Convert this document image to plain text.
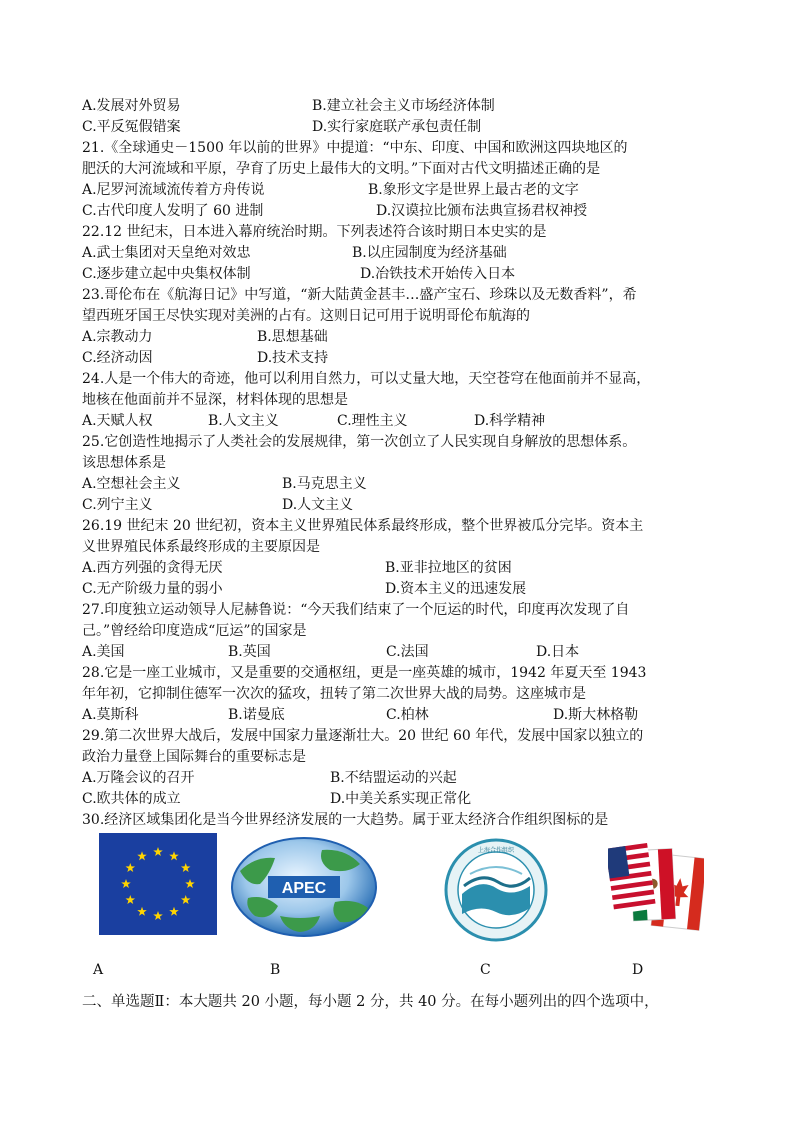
A.发展对外贸易	B.建立社会主义市场经济体制
C.平反冤假错案	D.实行家庭联产承包责任制
21.《全球通史－1500 年以前的世界》中提道：“中东、印度、中国和欧洲这四块地区的
肥沃的大河流域和平原，孕育了历史上最伟大的文明。”下面对古代文明描述正确的是
A.尼罗河流域流传着方舟传说	B.象形文字是世界上最古老的文字
C.古代印度人发明了 60 进制	D.汉谟拉比颁布法典宣扬君权神授
22.12 世纪末，日本进入幕府统治时期。下列表述符合该时期日本史实的是
A.武士集团对天皇绝对效忠	B.以庄园制度为经济基础
C.逐步建立起中央集权体制	D.冶铁技术开始传入日本
23.哥伦布在《航海日记》中写道，“新大陆黄金甚丰…盛产宝石、珍珠以及无数香料”，希
望西班牙国王尽快实现对美洲的占有。这则日记可用于说明哥伦布航海的
A.宗教动力	B.思想基础
C.经济动因	D.技术支持
24.人是一个伟大的奇迹，他可以利用自然力，可以丈量大地，天空苍穹在他面前并不显高，
地核在他面前并不显深，材料体现的思想是
A.天赋人权	B.人文主义	C.理性主义	D.科学精神
25.它创造性地揭示了人类社会的发展规律，第一次创立了人民实现自身解放的思想体系。
该思想体系是
A.空想社会主义	B.马克思主义
C.列宁主义	D.人文主义
26.19 世纪末 20 世纪初，资本主义世界殖民体系最终形成，整个世界被瓜分完毕。资本主
义世界殖民体系最终形成的主要原因是
A.西方列强的贪得无厌	B.亚非拉地区的贫困
C.无产阶级力量的弱小	D.资本主义的迅速发展
27.印度独立运动领导人尼赫鲁说：“今天我们结束了一个厄运的时代，印度再次发现了自
己。”曾经给印度造成“厄运”的国家是
A.美国	B.英国	C.法国	D.日本
28.它是一座工业城市，又是重要的交通枢纽，更是一座英雄的城市，1942 年夏天至 1943
年年初，它抑制住德军一次次的猛攻，扭转了第二次世界大战的局势。这座城市是
A.莫斯科	B.诺曼底	C.柏林	D.斯大林格勒
29.第二次世界大战后，发展中国家力量逐渐壮大。20 世纪 60 年代，发展中国家以独立的
政治力量登上国际舞台的重要标志是
A.万隆会议的召开	B.不结盟运动的兴起
C.欧共体的成立	D.中美关系实现正常化
30.经济区域集团化是当今世界经济发展的一大趋势。属于亚太经济合作组织图标的是
APEC
上海合作组织
A	B	C	D
二、单选题Ⅱ：本大题共 20 小题，每小题 2 分，共 40 分。在每小题列出的四个选项中，
